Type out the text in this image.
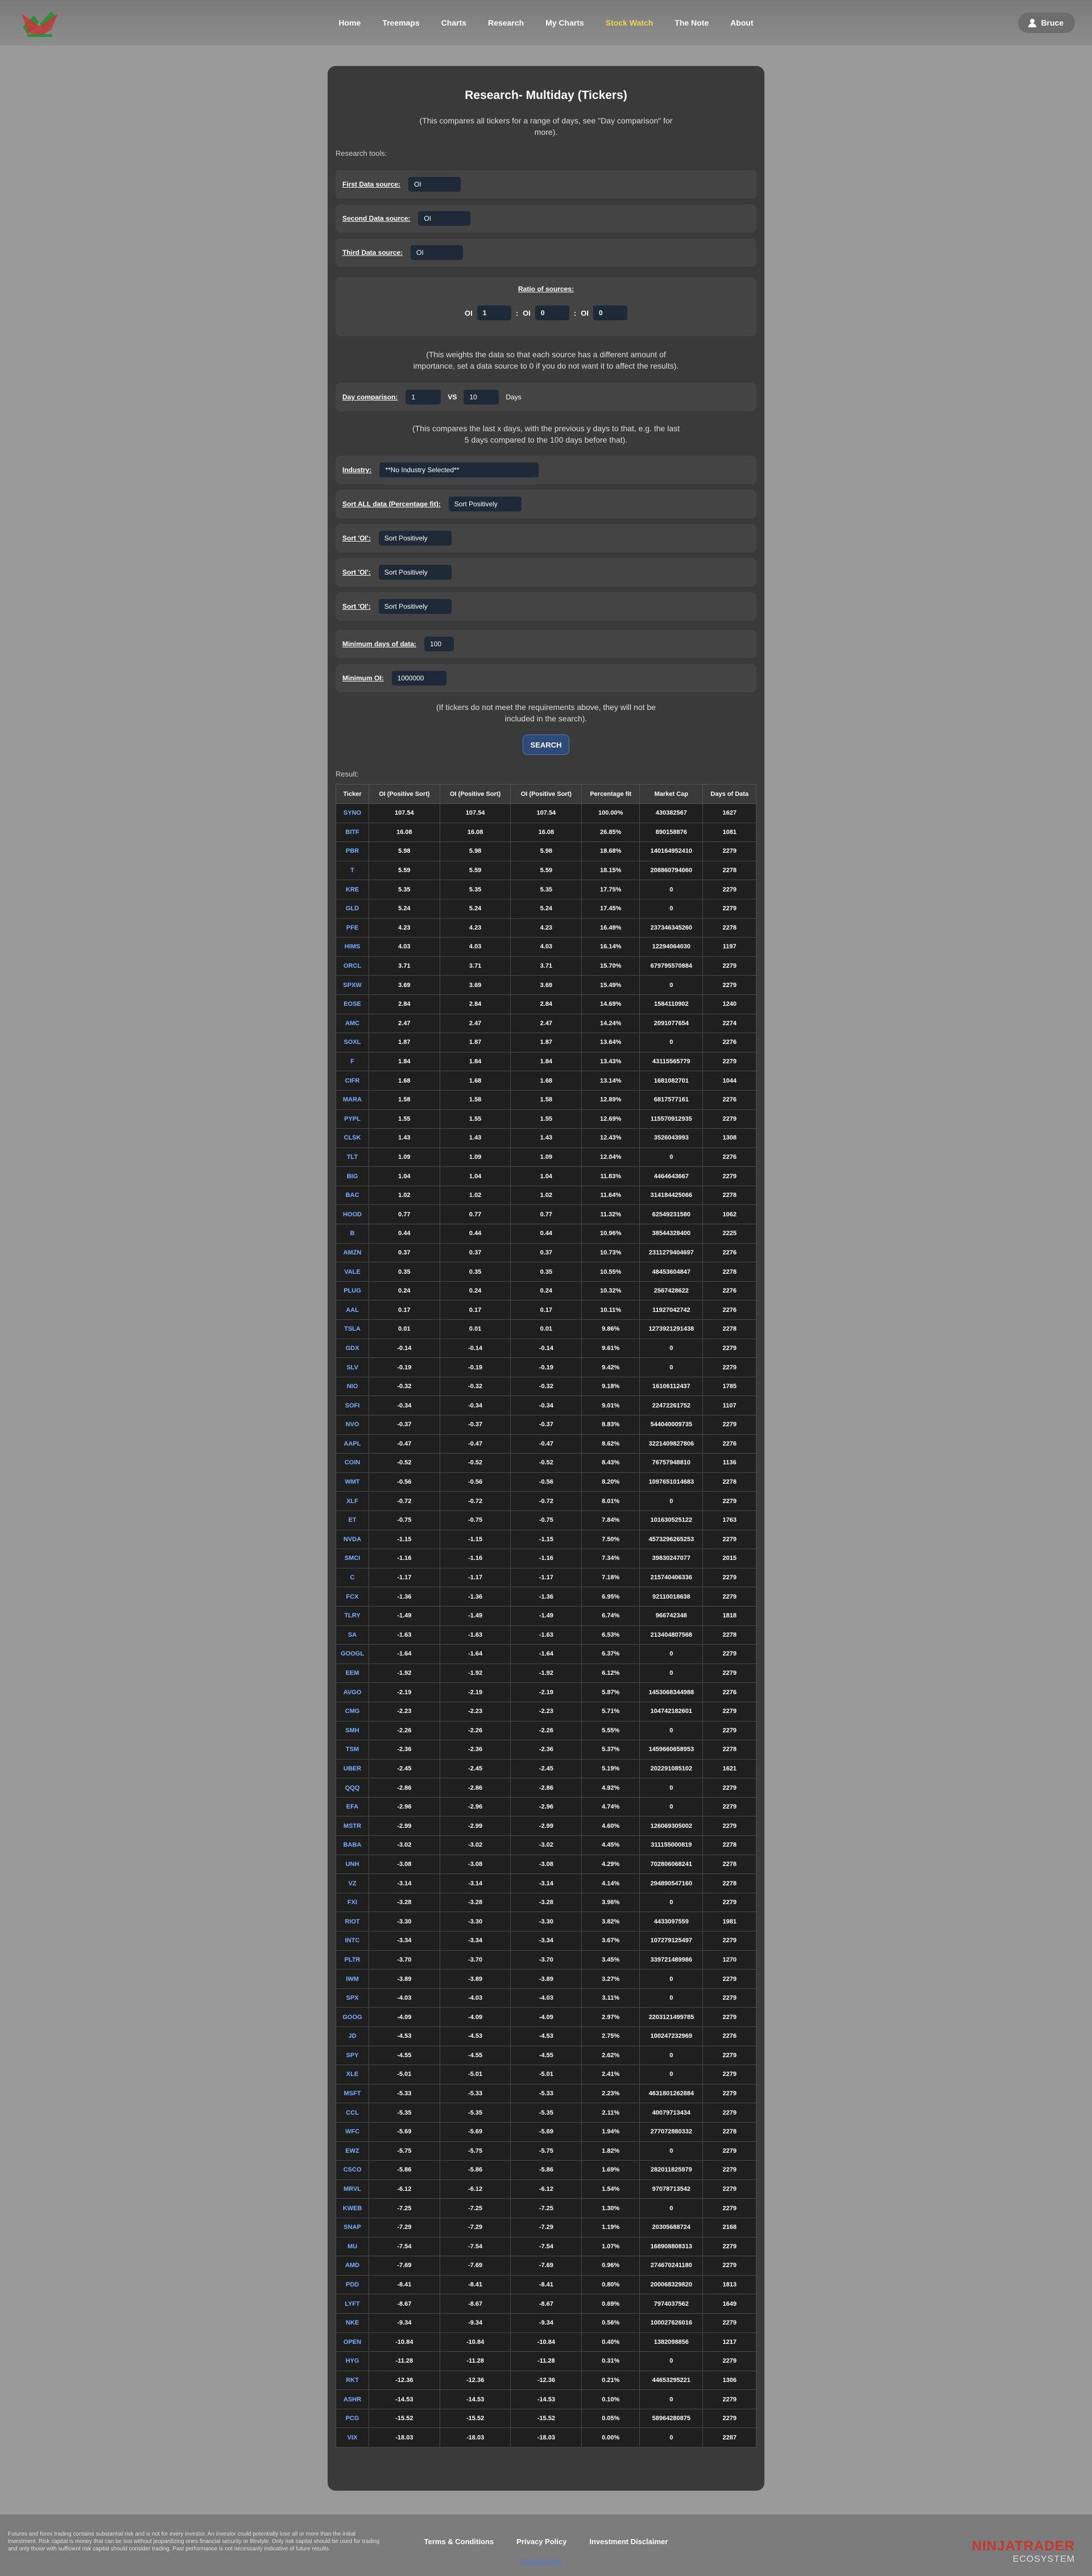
Home	Treemaps	Charts	Research	My Charts	Stock Watch	The Note	About	Bruce
Research- Multiday (Tickers)
(This compares all tickers for a range of days, see "Day comparison" for more).
Research tools:
First Data source:	OI
Second Data source:	OI
Third Data source:	OI
Ratio of sources:
OI	1	: OI	0	: OI	0
(This weights the data so that each source has a different amount of importance, set a data source to 0 if you do not want it to affect the results).
Day comparison:	1	VS	10	Days
(This compares the last x days, with the previous y days to that, e.g. the last 5 days compared to the 100 days before that).
Industry:	**No Industry Selected**
Sort ALL data (Percentage fit):	Sort Positively
Sort 'OI':	Sort Positively
Sort 'OI':	Sort Positively
Sort 'OI':	Sort Positively
Minimum days of data:	100
Minimum OI:	1000000
(If tickers do not meet the requirements above, they will not be included in the search).
SEARCH
Result:
Ticker	OI (Positive Sort)	OI (Positive Sort)	OI (Positive Sort)	Percentage fit	Market Cap	Days of Data
SYNO	107.54	107.54	107.54	100.00%	430382567	1627
BITF	16.08	16.08	16.08	26.85%	890158876	1081
PBR	5.98	5.98	5.98	18.68%	140164952410	2279
T	5.59	5.59	5.59	18.15%	208860794060	2278
KRE	5.35	5.35	5.35	17.75%	0	2279
GLD	5.24	5.24	5.24	17.45%	0	2279
PFE	4.23	4.23	4.23	16.49%	237346345260	2278
HIMS	4.03	4.03	4.03	16.14%	12294064030	1197
ORCL	3.71	3.71	3.71	15.70%	679795570884	2279
SPXW	3.69	3.69	3.69	15.49%	0	2279
EOSE	2.84	2.84	2.84	14.69%	1584110902	1240
AMC	2.47	2.47	2.47	14.24%	2091077654	2274
SOXL	1.87	1.87	1.87	13.64%	0	2276
F	1.84	1.84	1.84	13.43%	43115565779	2279
CIFR	1.68	1.68	1.68	13.14%	1681082701	1044
MARA	1.58	1.58	1.58	12.89%	6817577161	2276
PYPL	1.55	1.55	1.55	12.69%	115570912935	2279
CLSK	1.43	1.43	1.43	12.43%	3526043993	1308
TLT	1.09	1.09	1.09	12.04%	0	2276
BIG	1.04	1.04	1.04	11.83%	4464643667	2279
BAC	1.02	1.02	1.02	11.64%	314184425066	2278
HOOD	0.77	0.77	0.77	11.32%	62549231580	1062
B	0.44	0.44	0.44	10.96%	38544328400	2225
AMZN	0.37	0.37	0.37	10.73%	2311279404697	2276
VALE	0.35	0.35	0.35	10.55%	48453604847	2278
PLUG	0.24	0.24	0.24	10.32%	2567428622	2276
AAL	0.17	0.17	0.17	10.11%	11927042742	2276
TSLA	0.01	0.01	0.01	9.86%	1273921291438	2278
GDX	-0.14	-0.14	-0.14	9.61%	0	2279
SLV	-0.19	-0.19	-0.19	9.42%	0	2279
NIO	-0.32	-0.32	-0.32	9.18%	16106112437	1785
SOFI	-0.34	-0.34	-0.34	9.01%	22472261752	1107
NVO	-0.37	-0.37	-0.37	8.83%	544040009735	2279
AAPL	-0.47	-0.47	-0.47	8.62%	3221409827806	2276
COIN	-0.52	-0.52	-0.52	8.43%	76757948810	1136
WMT	-0.56	-0.56	-0.56	8.20%	1097651014683	2278
XLF	-0.72	-0.72	-0.72	8.01%	0	2279
ET	-0.75	-0.75	-0.75	7.84%	101630525122	1763
NVDA	-1.15	-1.15	-1.15	7.50%	4573296265253	2279
SMCI	-1.16	-1.16	-1.16	7.34%	39830247077	2015
C	-1.17	-1.17	-1.17	7.18%	215740406336	2279
FCX	-1.36	-1.36	-1.36	6.95%	92110018638	2279
TLRY	-1.49	-1.49	-1.49	6.74%	966742348	1818
SA	-1.63	-1.63	-1.63	6.53%	213404807568	2278
GOOGL	-1.64	-1.64	-1.64	6.37%	0	2279
EEM	-1.92	-1.92	-1.92	6.12%	0	2279
AVGO	-2.19	-2.19	-2.19	5.87%	1453068344988	2276
CMG	-2.23	-2.23	-2.23	5.71%	104742182601	2279
SMH	-2.26	-2.26	-2.26	5.55%	0	2279
TSM	-2.36	-2.36	-2.36	5.37%	1459660658953	2278
UBER	-2.45	-2.45	-2.45	5.19%	202291085102	1621
QQQ	-2.86	-2.86	-2.86	4.92%	0	2279
EFA	-2.96	-2.96	-2.96	4.74%	0	2279
MSTR	-2.99	-2.99	-2.99	4.60%	126069305002	2279
BABA	-3.02	-3.02	-3.02	4.45%	311155000819	2278
UNH	-3.08	-3.08	-3.08	4.29%	702806068241	2278
VZ	-3.14	-3.14	-3.14	4.14%	294890547160	2278
FXI	-3.28	-3.28	-3.28	3.96%	0	2279
RIOT	-3.30	-3.30	-3.30	3.82%	4433097559	1981
INTC	-3.34	-3.34	-3.34	3.67%	107279125497	2279
PLTR	-3.70	-3.70	-3.70	3.45%	339721489986	1270
IWM	-3.89	-3.89	-3.89	3.27%	0	2279
SPX	-4.03	-4.03	-4.03	3.11%	0	2279
GOOG	-4.09	-4.09	-4.09	2.97%	2203121499785	2279
JD	-4.53	-4.53	-4.53	2.75%	100247232969	2276
SPY	-4.55	-4.55	-4.55	2.62%	0	2279
XLE	-5.01	-5.01	-5.01	2.41%	0	2279
MSFT	-5.33	-5.33	-5.33	2.23%	4631801262884	2279
CCL	-5.35	-5.35	-5.35	2.11%	40079713434	2279
WFC	-5.69	-5.69	-5.69	1.94%	277072880332	2278
EWZ	-5.75	-5.75	-5.75	1.82%	0	2279
CSCO	-5.86	-5.86	-5.86	1.69%	282011825979	2279
MRVL	-6.12	-6.12	-6.12	1.54%	97078713542	2279
KWEB	-7.25	-7.25	-7.25	1.30%	0	2279
SNAP	-7.29	-7.29	-7.29	1.19%	20305688724	2168
MU	-7.54	-7.54	-7.54	1.07%	168908808313	2279
AMD	-7.69	-7.69	-7.69	0.96%	274670241180	2279
PDD	-8.41	-8.41	-8.41	0.80%	200068329820	1813
LYFT	-8.67	-8.67	-8.67	0.69%	7974037562	1649
NKE	-9.34	-9.34	-9.34	0.56%	100027626016	2279
OPEN	-10.84	-10.84	-10.84	0.40%	1382098856	1217
HYG	-11.28	-11.28	-11.28	0.31%	0	2279
RKT	-12.36	-12.36	-12.36	0.21%	44653295221	1306
ASHR	-14.53	-14.53	-14.53	0.10%	0	2279
PCG	-15.52	-15.52	-15.52	0.05%	58964280875	2279
VIX	-18.03	-18.03	-18.03	0.00%	0	2287
Futures and forex trading contains substantial risk and is not for every investor. An investor could potentially lose all or more than the initial investment. Risk capital is money that can be lost without jeopardizing ones financial security or lifestyle. Only risk capital should be used for trading and only those with sufficient risk capital should consider trading. Past performance is not necessarily indicative of future results.
Terms & Conditions	Privacy Policy	Investment Disclaimer
Contact Form
NINJATRADER
ECOSYSTEM
